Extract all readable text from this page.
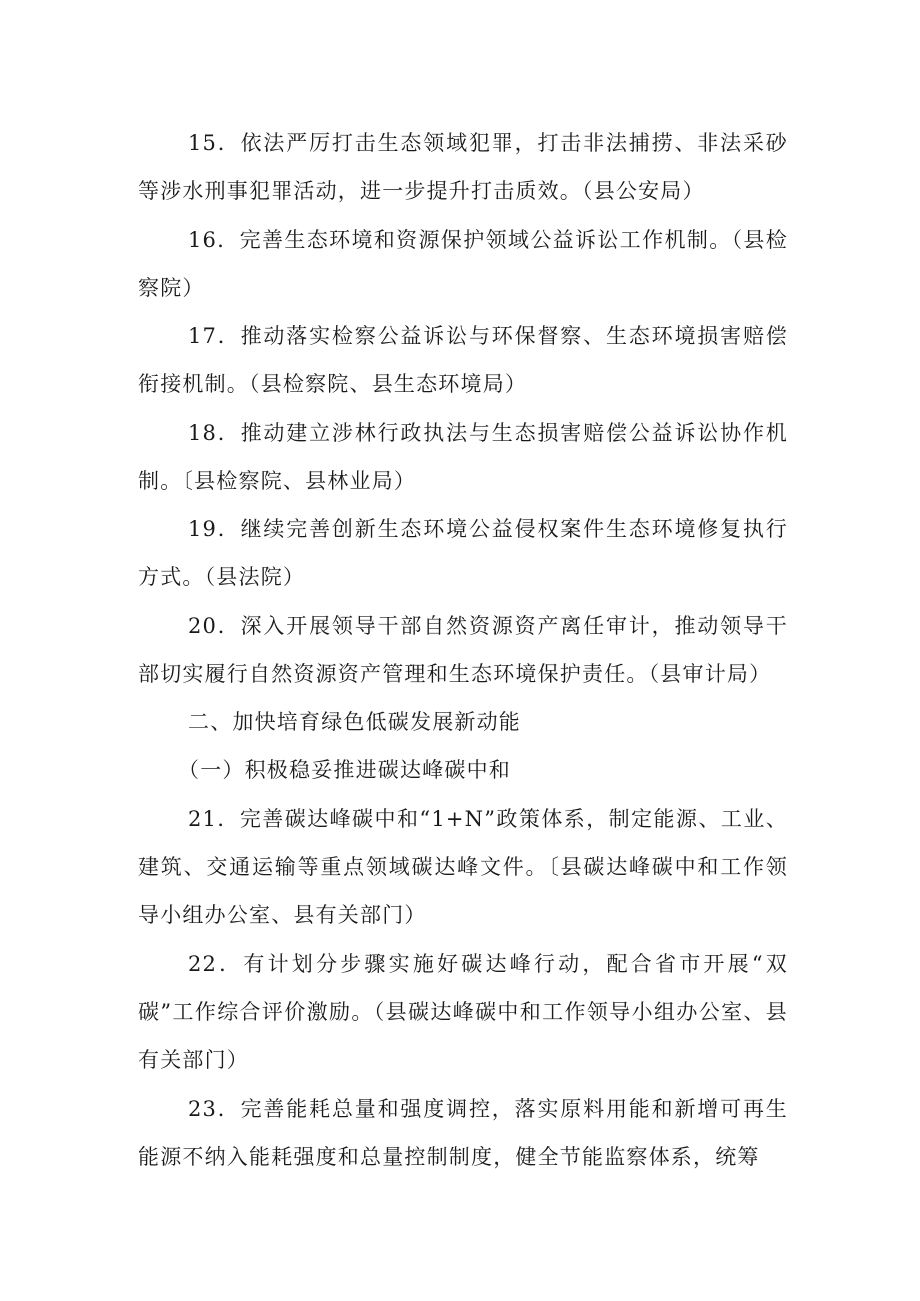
15．依法严厉打击生态领域犯罪，打击非法捕捞、非法采砂等涉水刑事犯罪活动，进一步提升打击质效。（县公安局）

16．完善生态环境和资源保护领域公益诉讼工作机制。（县检察院）

17．推动落实检察公益诉讼与环保督察、生态环境损害赔偿衔接机制。（县检察院、县生态环境局）

18．推动建立涉林行政执法与生态损害赔偿公益诉讼协作机制。〔县检察院、县林业局）

19．继续完善创新生态环境公益侵权案件生态环境修复执行方式。（县法院）

20．深入开展领导干部自然资源资产离任审计，推动领导干部切实履行自然资源资产管理和生态环境保护责任。（县审计局）

二、加快培育绿色低碳发展新动能

（一）积极稳妥推进碳达峰碳中和

21．完善碳达峰碳中和“1+N”政策体系，制定能源、工业、建筑、交通运输等重点领域碳达峰文件。〔县碳达峰碳中和工作领导小组办公室、县有关部门）

22．有计划分步骤实施好碳达峰行动，配合省市开展“双碳”工作综合评价激励。（县碳达峰碳中和工作领导小组办公室、县有关部门）

23．完善能耗总量和强度调控，落实原料用能和新增可再生能源不纳入能耗强度和总量控制制度，健全节能监察体系，统筹
